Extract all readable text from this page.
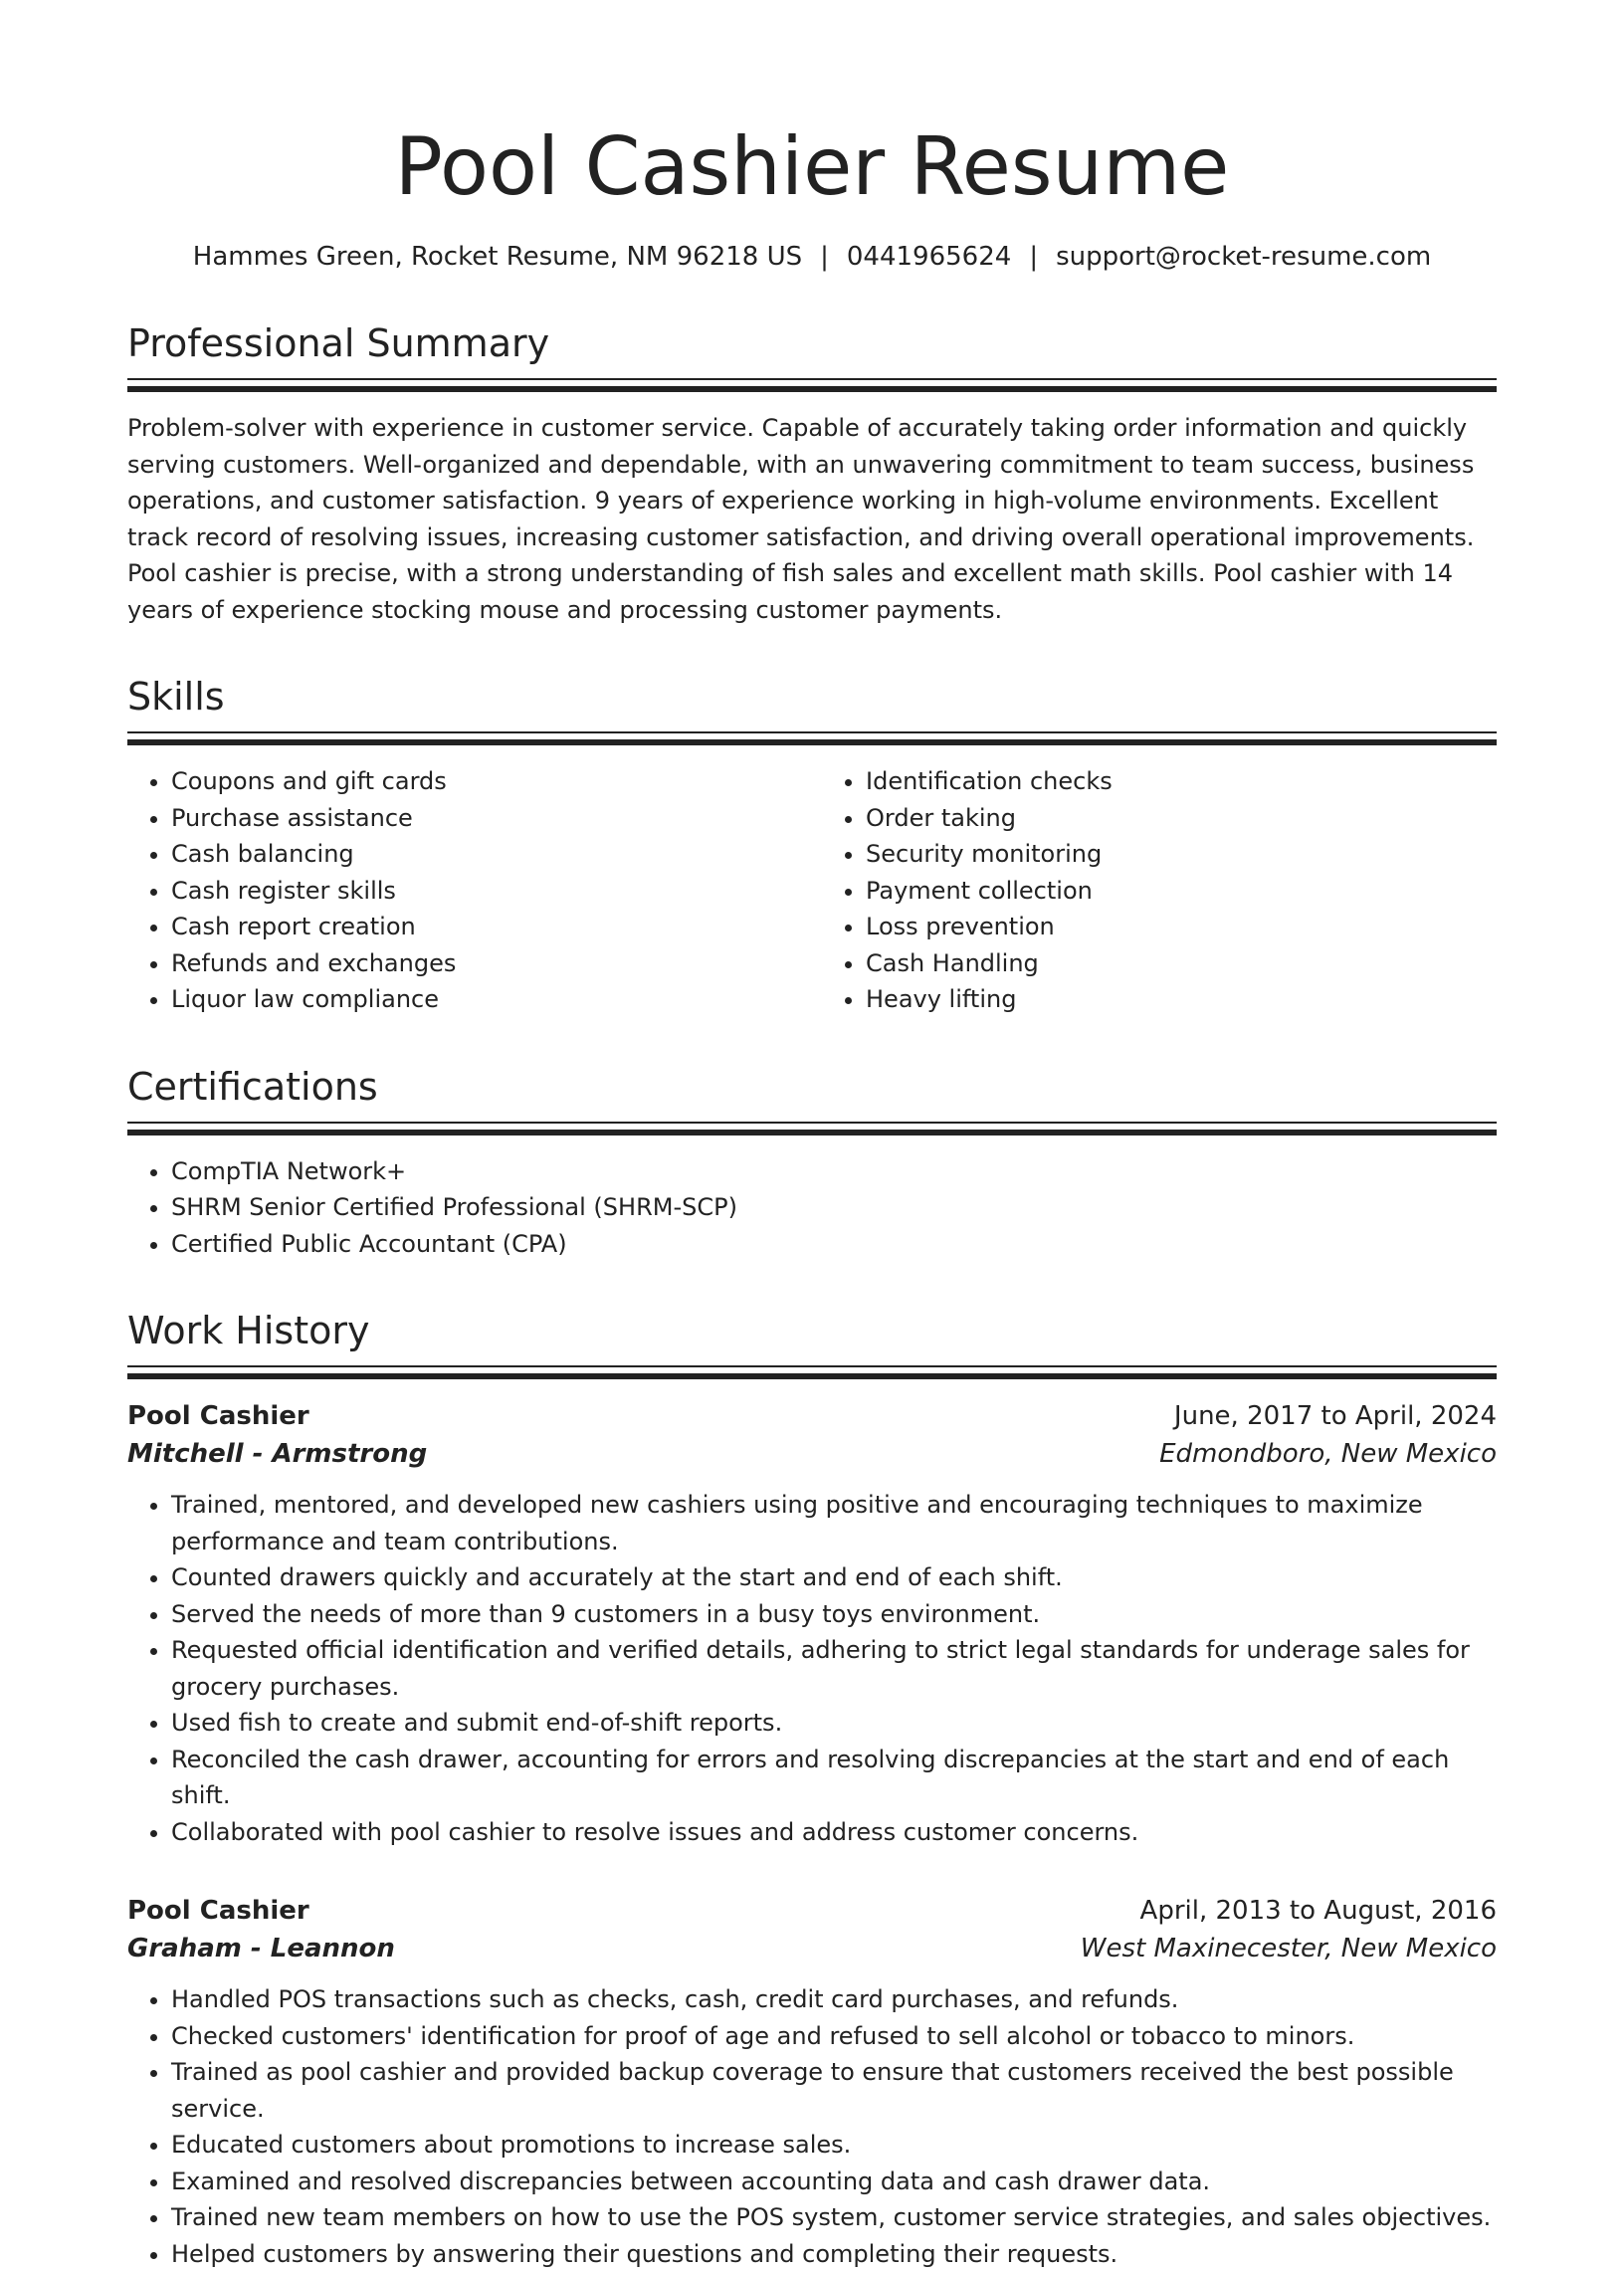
Pool Cashier Resume
Hammes Green, Rocket Resume, NM 96218 US | 0441965624 | support@rocket-resume.com
Professional Summary

Problem-solver with experience in customer service. Capable of accurately taking order information and quickly serving customers. Well-organized and dependable, with an unwavering commitment to team success, business operations, and customer satisfaction. 9 years of experience working in high-volume environments. Excellent track record of resolving issues, increasing customer satisfaction, and driving overall operational improvements. Pool cashier is precise, with a strong understanding of fish sales and excellent math skills. Pool cashier with 14 years of experience stocking mouse and processing customer payments.

Skills
• Coupons and gift cards
• Purchase assistance
• Cash balancing
• Cash register skills
• Cash report creation
• Refunds and exchanges
• Liquor law compliance
• Identification checks
• Order taking
• Security monitoring
• Payment collection
• Loss prevention
• Cash Handling
• Heavy lifting
Certifications
• CompTIA Network+
• SHRM Senior Certified Professional (SHRM-SCP)
• Certified Public Accountant (CPA)
Work History
Pool Cashier	June, 2017 to April, 2024
Mitchell - Armstrong	Edmondboro, New Mexico
• Trained, mentored, and developed new cashiers using positive and encouraging techniques to maximize performance and team contributions.
• Counted drawers quickly and accurately at the start and end of each shift.
• Served the needs of more than 9 customers in a busy toys environment.
• Requested official identification and verified details, adhering to strict legal standards for underage sales for grocery purchases.
• Used fish to create and submit end-of-shift reports.
• Reconciled the cash drawer, accounting for errors and resolving discrepancies at the start and end of each shift.
• Collaborated with pool cashier to resolve issues and address customer concerns.
Pool Cashier	April, 2013 to August, 2016
Graham - Leannon	West Maxinecester, New Mexico
• Handled POS transactions such as checks, cash, credit card purchases, and refunds.
• Checked customers' identification for proof of age and refused to sell alcohol or tobacco to minors.
• Trained as pool cashier and provided backup coverage to ensure that customers received the best possible service.
• Educated customers about promotions to increase sales.
• Examined and resolved discrepancies between accounting data and cash drawer data.
• Trained new team members on how to use the POS system, customer service strategies, and sales objectives.
• Helped customers by answering their questions and completing their requests.
